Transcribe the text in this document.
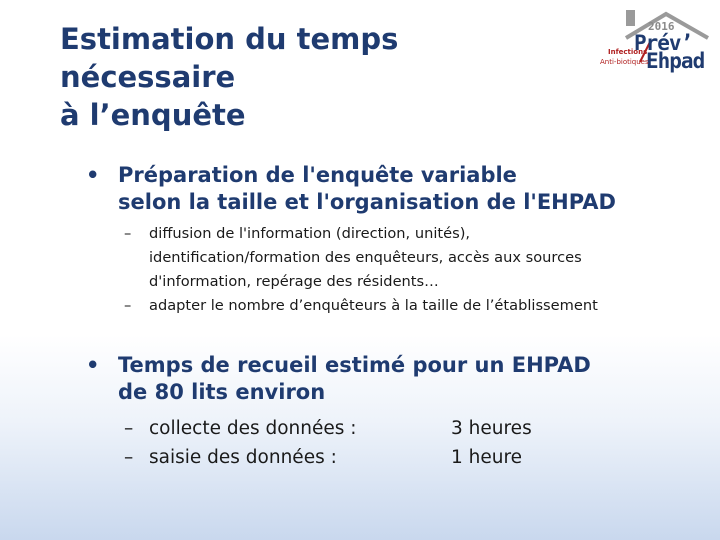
Estimation du temps nécessaire
à l’enquête
2016
Prév’
Ehpad
Infections
Anti-biotiques
• Préparation de l'enquête variable
selon la taille et l'organisation de l'EHPAD
– diffusion de l'information (direction, unités),
identification/formation des enquêteurs, accès aux sources
d'information, repérage des résidents…
– adapter le nombre d’enquêteurs à la taille de l’établissement
• Temps de recueil estimé pour un EHPAD
de 80 lits environ
– collecte des données :	3 heures
– saisie des données :	1 heure
